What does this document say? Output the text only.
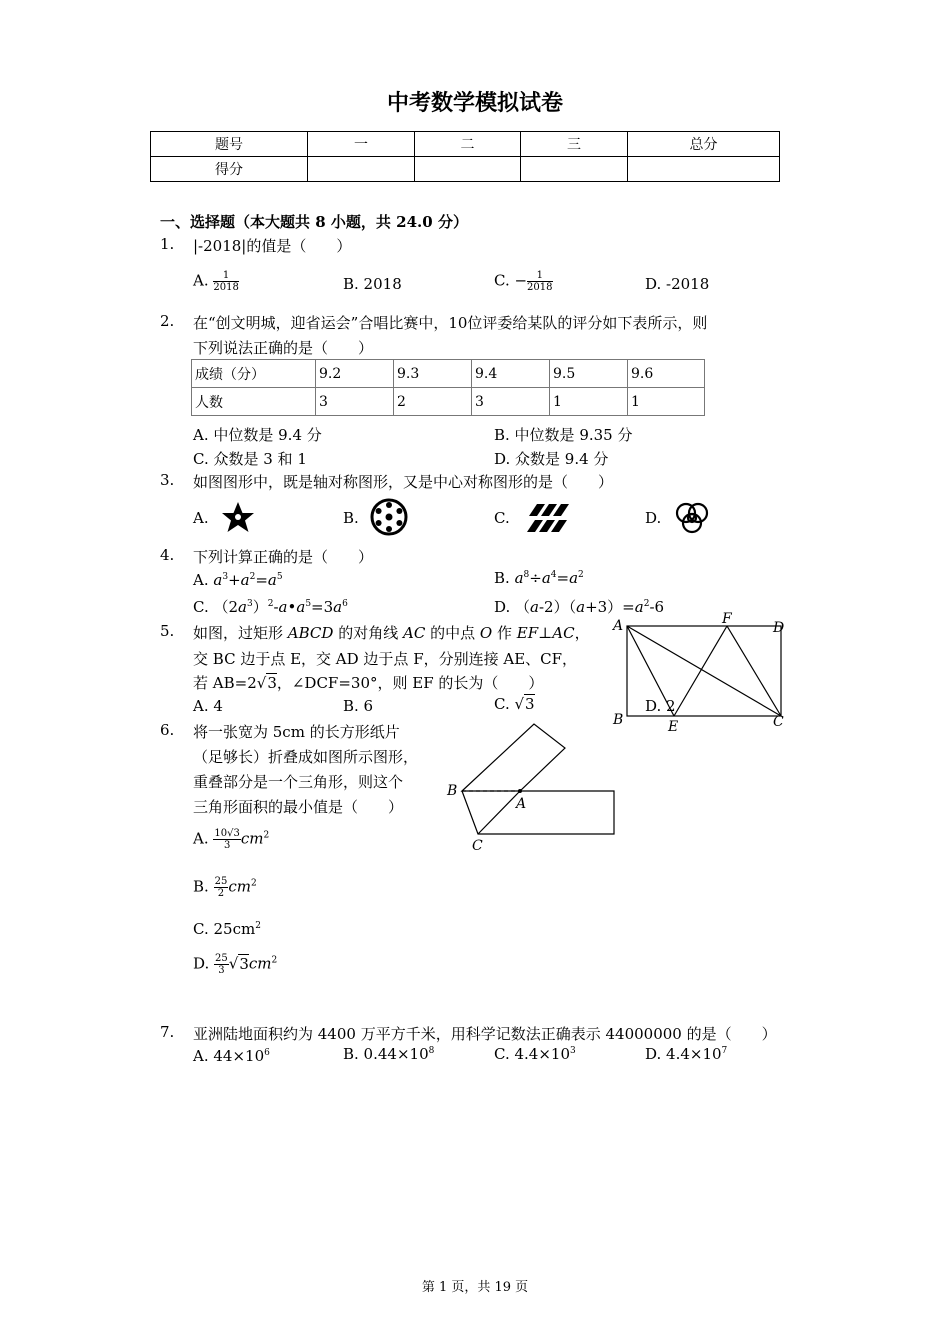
中考数学模拟试卷
题号	一	二	三	总分
得分				
一、选择题（本大题共 8 小题，共 24.0 分）
1. |-2018|的值是（　　）
A. $\frac{1}{2018}$	B. 2018	C. − $\frac{1}{2018}$	D. -2018
2. 在“创文明城，迎省运会”合唱比赛中，10位评委给某队的评分如下表所示，则
下列说法正确的是（　　）
成绩（分）	9.2	9.3	9.4	9.5	9.6
人数	3	2	3	1	1
A. 中位数是 9.4 分	B. 中位数是 9.35 分
C. 众数是 3 和 1	D. 众数是 9.4 分
3. 如图图形中，既是轴对称图形，又是中心对称图形的是（　　）
A.	B.	C.	D.
4. 下列计算正确的是（　　）
A. $a^3+a^2=a^5$	B. $a^8\div a^4=a^2$
C. $(2a^3)^2-a•a^5=3a^6$	D. $(a-2)(a+3)=a^2-6$
5. 如图，过矩形 ABCD 的对角线 AC 的中点 O 作 EF⊥AC，
交 BC 边于点 E，交 AD 边于点 F，分别连接 AE、CF，
若 AB=2√3，∠DCF=30°，则 EF 的长为（　　）
A. 4	B. 6	C. √3	D. 2
A	F
D
B	E	C
6. 将一张宽为 5cm 的长方形纸片
（足够长）折叠成如图所示图形，
重叠部分是一个三角形，则这个
三角形面积的最小值是（　　）
A. $\frac{10√3}{3} cm^2$
B. $\frac{25}{2} cm^2$
C. $25cm^2$
D. $\frac{25}{3} √3cm^2$
B
A
C
7. 亚洲陆地面积约为 4400 万平方千米，用科学记数法正确表示 44000000 的是（　　）
A. $44\times 10^6$	B. $0.44\times 10^8$	C. $4.4\times 10^3$	D. $4.4\times 10^7$
第 1 页，共 19 页
